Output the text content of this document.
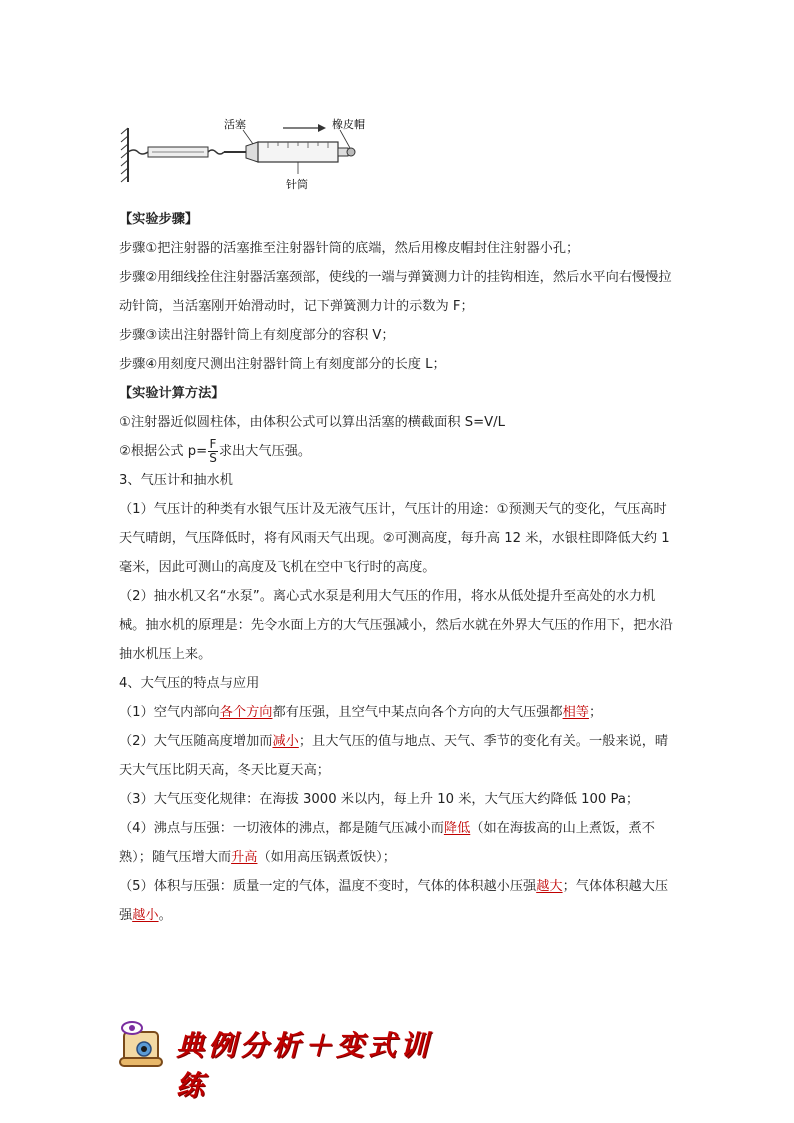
活塞	橡皮帽
针筒

【实验步骤】

步骤①把注射器的活塞推至注射器针筒的底端，然后用橡皮帽封住注射器小孔；

步骤②用细线拴住注射器活塞颈部，使线的一端与弹簧测力计的挂钩相连，然后水平向右慢慢拉动针筒，当活塞刚开始滑动时，记下弹簧测力计的示数为 F；

步骤③读出注射器针筒上有刻度部分的容积 V；

步骤④用刻度尺测出注射器针筒上有刻度部分的长度 L；

【实验计算方法】

①注射器近似圆柱体，由体积公式可以算出活塞的横截面积 S=V/L

②根据公式 $p= \frac{F}{S}$ 求出大气压强。

3、气压计和抽水机

（1）气压计的种类有水银气压计及无液气压计，气压计的用途：①预测天气的变化，气压高时天气晴朗，气压降低时，将有风雨天气出现。②可测高度，每升高 12 米，水银柱即降低大约 1 毫米，因此可测山的高度及飞机在空中飞行时的高度。

（2）抽水机又名“水泵”。离心式水泵是利用大气压的作用，将水从低处提升至高处的水力机械。抽水机的原理是：先令水面上方的大气压强减小，然后水就在外界大气压的作用下，把水沿抽水机压上来。

4、大气压的特点与应用

（1）空气内部向各个方向都有压强，且空气中某点向各个方向的大气压强都相等；

（2）大气压随高度增加而减小；且大气压的值与地点、天气、季节的变化有关。一般来说，晴天大气压比阴天高，冬天比夏天高；

（3）大气压变化规律：在海拔 3000 米以内，每上升 10 米，大气压大约降低 100 Pa；

（4）沸点与压强：一切液体的沸点，都是随气压减小而降低（如在海拔高的山上煮饭，煮不熟）；随气压增大而升高（如用高压锅煮饭快）；

（5）体积与压强：质量一定的气体，温度不变时，气体的体积越小压强越大；气体体积越大压强越小。

典例分析＋变式训练
